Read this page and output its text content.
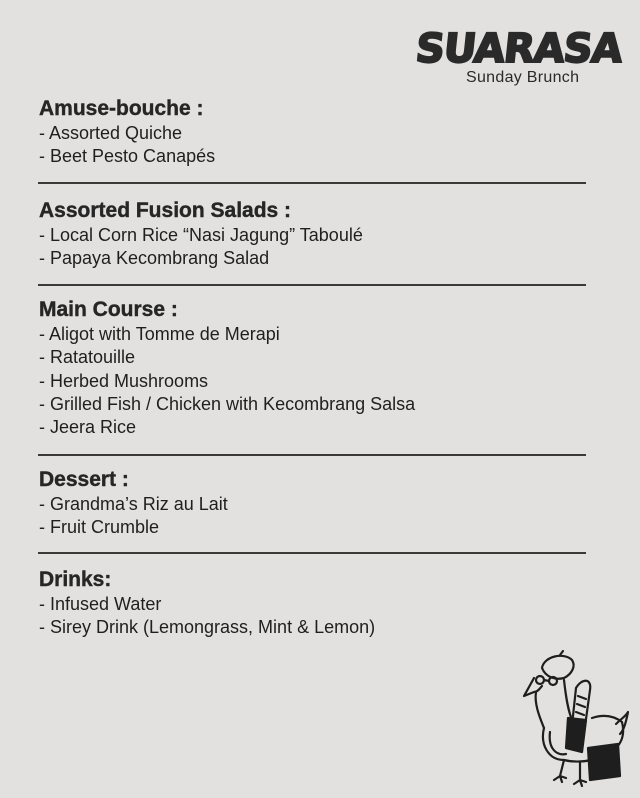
SUARASA
Sunday Brunch

Amuse-bouche :

- Assorted Quiche

- Beet Pesto Canapés

Assorted Fusion Salads :

- Local Corn Rice “Nasi Jagung” Taboulé

- Papaya Kecombrang Salad

Main Course :

- Aligot with Tomme de Merapi

- Ratatouille

- Herbed Mushrooms

- Grilled Fish / Chicken with Kecombrang Salsa

- Jeera Rice

Dessert :

- Grandma’s Riz au Lait

- Fruit Crumble

Drinks:

- Infused Water

- Sirey Drink (Lemongrass, Mint & Lemon)
